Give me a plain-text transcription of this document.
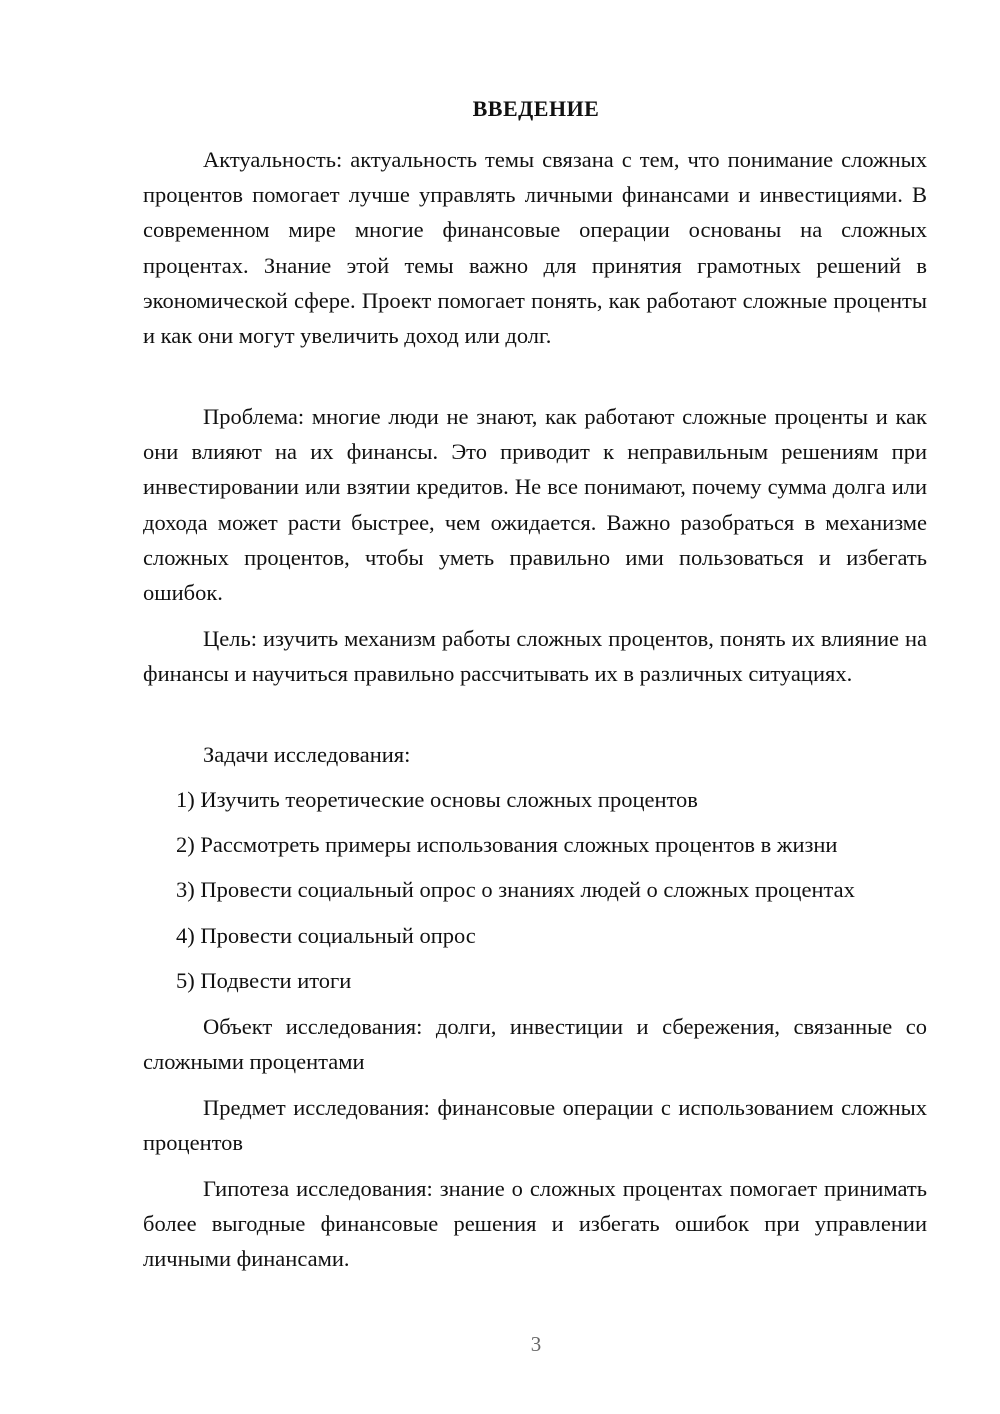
ВВЕДЕНИЕ

Актуальность: актуальность темы связана с тем, что понимание сложных процентов помогает лучше управлять личными финансами и инвестициями. В современном мире многие финансовые операции основаны на сложных процентах. Знание этой темы важно для принятия грамотных решений в экономической сфере. Проект помогает понять, как работают сложные проценты и как они могут увеличить доход или долг.

Проблема: многие люди не знают, как работают сложные проценты и как они влияют на их финансы. Это приводит к неправильным решениям при инвестировании или взятии кредитов. Не все понимают, почему сумма долга или дохода может расти быстрее, чем ожидается. Важно разобраться в механизме сложных процентов, чтобы уметь правильно ими пользоваться и избегать ошибок.

Цель: изучить механизм работы сложных процентов, понять их влияние на финансы и научиться правильно рассчитывать их в различных ситуациях.

Задачи исследования:
1) Изучить теоретические основы сложных процентов
2) Рассмотреть примеры использования сложных процентов в жизни
3) Провести социальный опрос о знаниях людей о сложных процентах
4) Провести социальный опрос
5) Подвести итоги

Объект исследования: долги, инвестиции и сбережения, связанные со сложными процентами

Предмет исследования: финансовые операции с использованием сложных процентов

Гипотеза исследования: знание о сложных процентах помогает принимать более выгодные финансовые решения и избегать ошибок при управлении личными финансами.

3
